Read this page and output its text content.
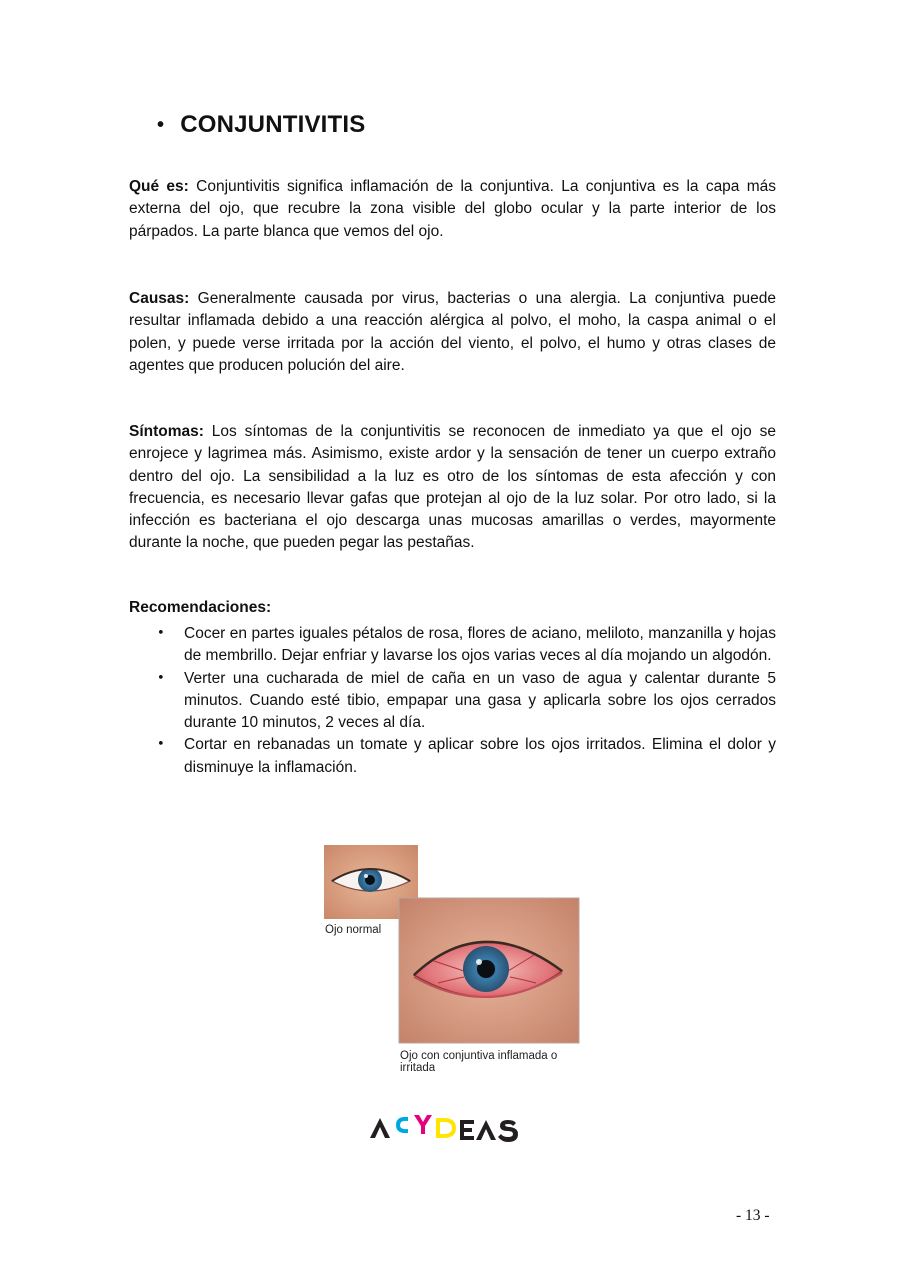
• CONJUNTIVITIS

Qué es: Conjuntivitis significa inflamación de la conjuntiva. La conjuntiva es la capa más externa del ojo, que recubre la zona visible del globo ocular y la parte interior de los párpados. La parte blanca que vemos del ojo.

Causas: Generalmente causada por virus, bacterias o una alergia. La conjuntiva puede resultar inflamada debido a una reacción alérgica al polvo, el moho, la caspa animal o el polen, y puede verse irritada por la acción del viento, el polvo, el humo y otras clases de agentes que producen polución del aire.

Síntomas: Los síntomas de la conjuntivitis se reconocen de inmediato ya que el ojo se enrojece y lagrimea más. Asimismo, existe ardor y la sensación de tener un cuerpo extraño dentro del ojo. La sensibilidad a la luz es otro de los síntomas de esta afección y con frecuencia, es necesario llevar gafas que protejan al ojo de la luz solar. Por otro lado, si la infección es bacteriana el ojo descarga unas mucosas amarillas o verdes, mayormente durante la noche, que pueden pegar las pestañas.

Recomendaciones:
• Cocer en partes iguales pétalos de rosa, flores de aciano, meliloto, manzanilla y hojas de membrillo. Dejar enfriar y lavarse los ojos varias veces al día mojando un algodón.
• Verter una cucharada de miel de caña en un vaso de agua y calentar durante 5 minutos. Cuando esté tibio, empapar una gasa y aplicarla sobre los ojos cerrados durante 10 minutos, 2 veces al día.
• Cortar en rebanadas un tomate y aplicar sobre los ojos irritados. Elimina el dolor y disminuye la inflamación.
Ojo normal
Ojo con conjuntiva inflamada o
irritada
- 13 -
